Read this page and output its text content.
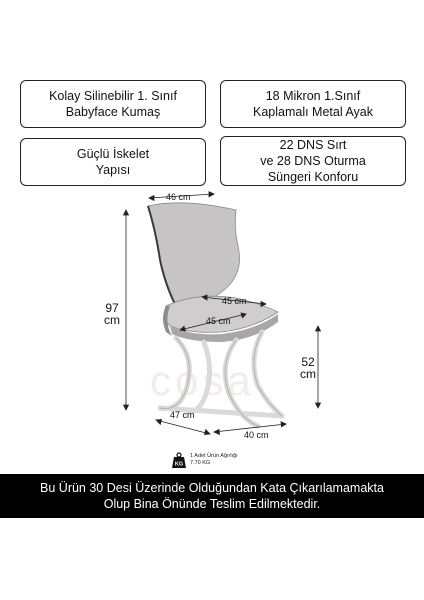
Kolay Silinebilir 1. Sınıf
Babyface Kumaş
18 Mikron 1.Sınıf
Kaplamalı Metal Ayak
Güçlü İskelet
Yapısı
22 DNS Sırt
ve 28 DNS Oturma
Süngeri Konforu
cosa
46 cm
45 cm
45 cm
97
cm
52
cm
47 cm
40 cm
KG
1 Adet Ürün Ağırlığı
7.70 KG
Bu Ürün 30 Desi Üzerinde Olduğundan Kata Çıkarılamamakta
Olup Bina Önünde Teslim Edilmektedir.
